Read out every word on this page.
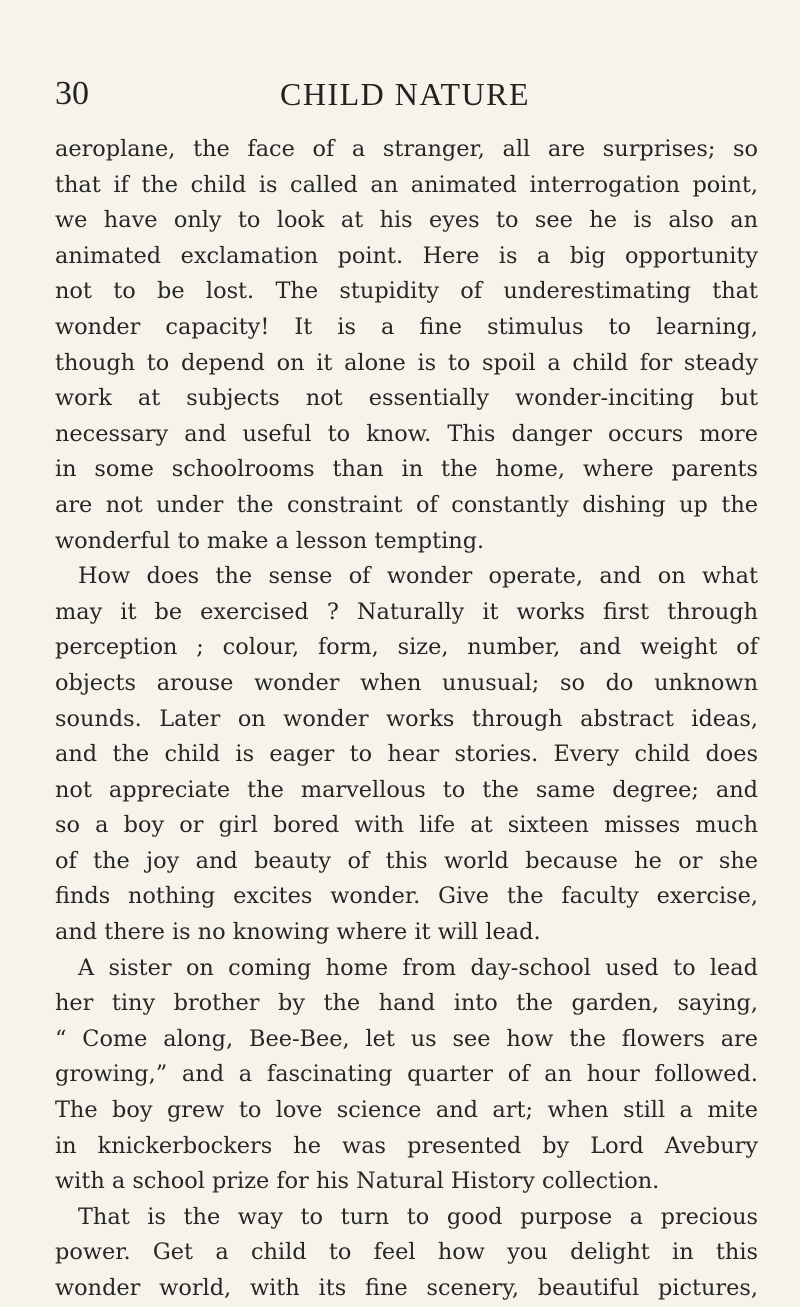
30	CHILD NATURE
aeroplane, the face of a stranger, all are surprises; so
that if the child is called an animated interrogation point,
we have only to look at his eyes to see he is also an
animated exclamation point. Here is a big opportunity
not to be lost. The stupidity of underestimating that
wonder capacity! It is a fine stimulus to learning,
though to depend on it alone is to spoil a child for steady
work at subjects not essentially wonder-inciting but
necessary and useful to know. This danger occurs more
in some schoolrooms than in the home, where parents
are not under the constraint of constantly dishing up the
wonderful to make a lesson tempting.
How does the sense of wonder operate, and on what
may it be exercised ? Naturally it works first through
perception ; colour, form, size, number, and weight of
objects arouse wonder when unusual; so do unknown
sounds. Later on wonder works through abstract ideas,
and the child is eager to hear stories. Every child does
not appreciate the marvellous to the same degree; and
so a boy or girl bored with life at sixteen misses much
of the joy and beauty of this world because he or she
finds nothing excites wonder. Give the faculty exercise,
and there is no knowing where it will lead.
A sister on coming home from day-school used to lead
her tiny brother by the hand into the garden, saying,
“ Come along, Bee-Bee, let us see how the flowers are
growing,” and a fascinating quarter of an hour followed.
The boy grew to love science and art; when still a mite
in knickerbockers he was presented by Lord Avebury
with a school prize for his Natural History collection.
That is the way to turn to good purpose a precious
power. Get a child to feel how you delight in this
wonder world, with its fine scenery, beautiful pictures,
